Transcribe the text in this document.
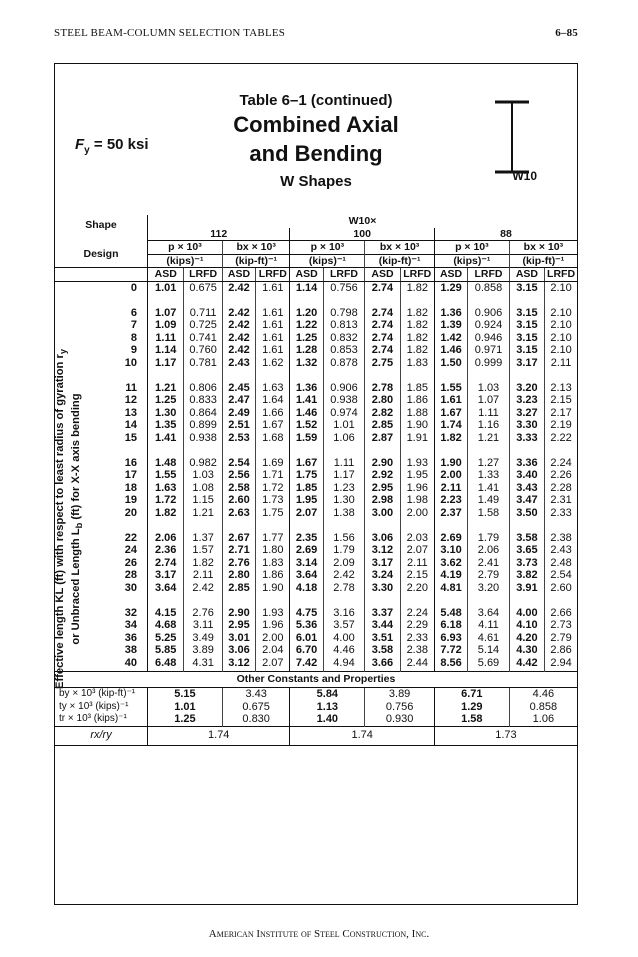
STEEL BEAM-COLUMN SELECTION TABLES	6–85
$F_y = 50$ ksi
Table 6–1 (continued)
Combined Axial
and Bending
W Shapes	W10
Effective length KL (ft) with respect to least radius of gyration $r_y$
or Unbraced Length $L_b$ (ft) for X-X axis bending
Shape	W10×											
	112				100				88			
Design	p × 10³		bx × 10³		p × 10³		bx × 10³		p × 10³		bx × 10³	
	(kips)⁻¹		(kip-ft)⁻¹		(kips)⁻¹		(kip-ft)⁻¹		(kips)⁻¹		(kip-ft)⁻¹	
	ASD	LRFD	ASD	LRFD	ASD	LRFD	ASD	LRFD	ASD	LRFD	ASD	LRFD
0	1.01	0.675	2.42	1.61	1.14	0.756	2.74	1.82	1.29	0.858	3.15	2.10

6	1.07	0.711	2.42	1.61	1.20	0.798	2.74	1.82	1.36	0.906	3.15	2.10
7	1.09	0.725	2.42	1.61	1.22	0.813	2.74	1.82	1.39	0.924	3.15	2.10
8	1.11	0.741	2.42	1.61	1.25	0.832	2.74	1.82	1.42	0.946	3.15	2.10
9	1.14	0.760	2.42	1.61	1.28	0.853	2.74	1.82	1.46	0.971	3.15	2.10
10	1.17	0.781	2.43	1.62	1.32	0.878	2.75	1.83	1.50	0.999	3.17	2.11

11	1.21	0.806	2.45	1.63	1.36	0.906	2.78	1.85	1.55	1.03	3.20	2.13
12	1.25	0.833	2.47	1.64	1.41	0.938	2.80	1.86	1.61	1.07	3.23	2.15
13	1.30	0.864	2.49	1.66	1.46	0.974	2.82	1.88	1.67	1.11	3.27	2.17
14	1.35	0.899	2.51	1.67	1.52	1.01	2.85	1.90	1.74	1.16	3.30	2.19
15	1.41	0.938	2.53	1.68	1.59	1.06	2.87	1.91	1.82	1.21	3.33	2.22

16	1.48	0.982	2.54	1.69	1.67	1.11	2.90	1.93	1.90	1.27	3.36	2.24
17	1.55	1.03	2.56	1.71	1.75	1.17	2.92	1.95	2.00	1.33	3.40	2.26
18	1.63	1.08	2.58	1.72	1.85	1.23	2.95	1.96	2.11	1.41	3.43	2.28
19	1.72	1.15	2.60	1.73	1.95	1.30	2.98	1.98	2.23	1.49	3.47	2.31
20	1.82	1.21	2.63	1.75	2.07	1.38	3.00	2.00	2.37	1.58	3.50	2.33

22	2.06	1.37	2.67	1.77	2.35	1.56	3.06	2.03	2.69	1.79	3.58	2.38
24	2.36	1.57	2.71	1.80	2.69	1.79	3.12	2.07	3.10	2.06	3.65	2.43
26	2.74	1.82	2.76	1.83	3.14	2.09	3.17	2.11	3.62	2.41	3.73	2.48
28	3.17	2.11	2.80	1.86	3.64	2.42	3.24	2.15	4.19	2.79	3.82	2.54
30	3.64	2.42	2.85	1.90	4.18	2.78	3.30	2.20	4.81	3.20	3.91	2.60

32	4.15	2.76	2.90	1.93	4.75	3.16	3.37	2.24	5.48	3.64	4.00	2.66
34	4.68	3.11	2.95	1.96	5.36	3.57	3.44	2.29	6.18	4.11	4.10	2.73
36	5.25	3.49	3.01	2.00	6.01	4.00	3.51	2.33	6.93	4.61	4.20	2.79
38	5.85	3.89	3.06	2.04	6.70	4.46	3.58	2.38	7.72	5.14	4.30	2.86
40	6.48	4.31	3.12	2.07	7.42	4.94	3.66	2.44	8.56	5.69	4.42	2.94
Other Constants and Properties												
by × 10³ (kip-ft)⁻¹	5.15		3.43		5.84		3.89		6.71		4.46	
ty × 10³ (kips)⁻¹	1.01		0.675		1.13		0.756		1.29		0.858	
tr × 10³ (kips)⁻¹	1.25		0.830		1.40		0.930		1.58		1.06	
rx/ry	1.74				1.74				1.73			
American Institute of Steel Construction, Inc.
